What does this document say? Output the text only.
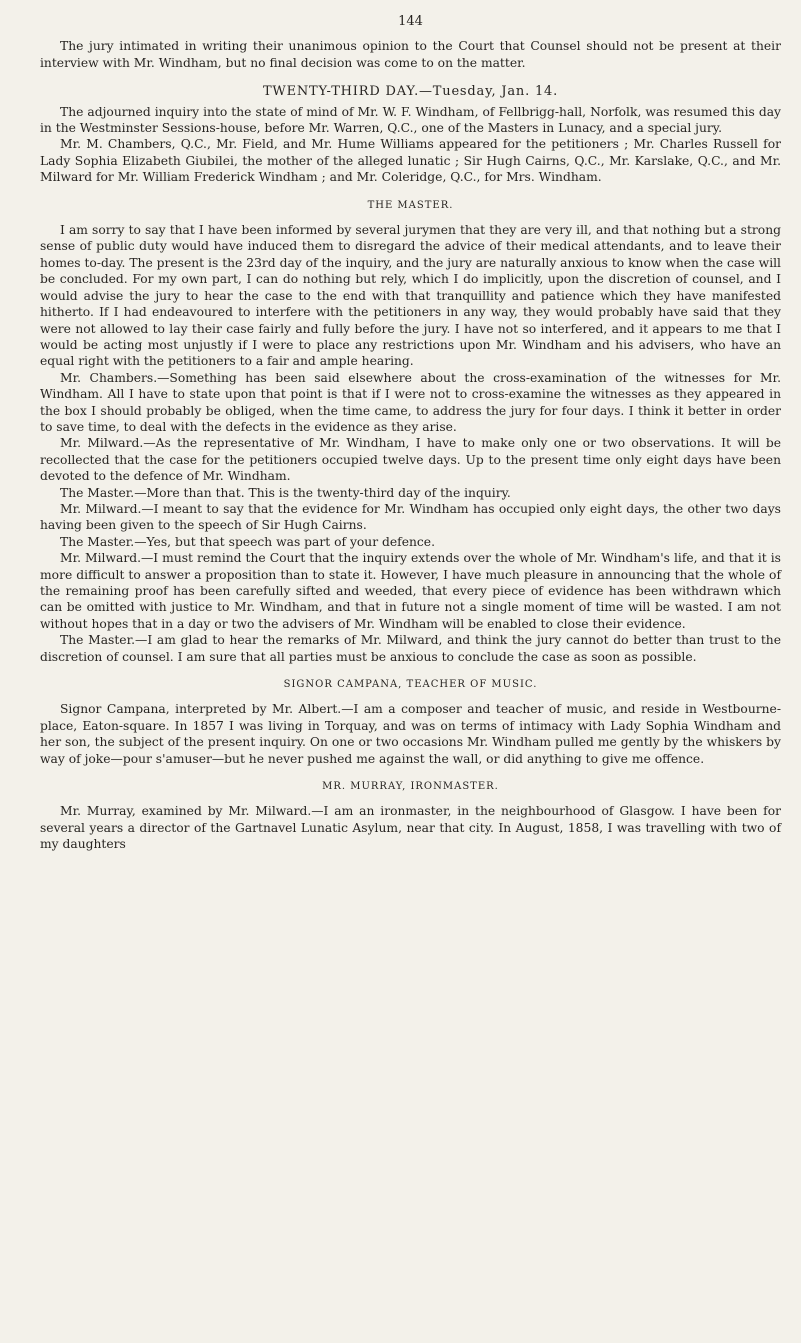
144

The jury intimated in writing their unanimous opinion to the Court that Counsel should not be present at their interview with Mr. Windham, but no final decision was come to on the matter.

TWENTY-THIRD DAY.—Tuesday, Jan. 14.

The adjourned inquiry into the state of mind of Mr. W. F. Windham, of Fellbrigg-hall, Norfolk, was resumed this day in the Westminster Sessions-house, before Mr. Warren, Q.C., one of the Masters in Lunacy, and a special jury.

Mr. M. Chambers, Q.C., Mr. Field, and Mr. Hume Williams appeared for the petitioners ; Mr. Charles Russell for Lady Sophia Elizabeth Giubilei, the mother of the alleged lunatic ; Sir Hugh Cairns, Q.C., Mr. Karslake, Q.C., and Mr. Milward for Mr. William Frederick Windham ; and Mr. Coleridge, Q.C., for Mrs. Windham.

THE MASTER.

I am sorry to say that I have been informed by several jurymen that they are very ill, and that nothing but a strong sense of public duty would have induced them to disregard the advice of their medical attendants, and to leave their homes to-day. The present is the 23rd day of the inquiry, and the jury are naturally anxious to know when the case will be concluded. For my own part, I can do nothing but rely, which I do implicitly, upon the discretion of counsel, and I would advise the jury to hear the case to the end with that tranquillity and patience which they have manifested hitherto. If I had endeavoured to interfere with the petitioners in any way, they would probably have said that they were not allowed to lay their case fairly and fully before the jury. I have not so interfered, and it appears to me that I would be acting most unjustly if I were to place any restrictions upon Mr. Windham and his advisers, who have an equal right with the petitioners to a fair and ample hearing.

Mr. Chambers.—Something has been said elsewhere about the cross-examination of the witnesses for Mr. Windham. All I have to state upon that point is that if I were not to cross-examine the witnesses as they appeared in the box I should probably be obliged, when the time came, to address the jury for four days. I think it better in order to save time, to deal with the defects in the evidence as they arise.

Mr. Milward.—As the representative of Mr. Windham, I have to make only one or two observations. It will be recollected that the case for the petitioners occupied twelve days. Up to the present time only eight days have been devoted to the defence of Mr. Windham.

The Master.—More than that. This is the twenty-third day of the inquiry.

Mr. Milward.—I meant to say that the evidence for Mr. Windham has occupied only eight days, the other two days having been given to the speech of Sir Hugh Cairns.

The Master.—Yes, but that speech was part of your defence.

Mr. Milward.—I must remind the Court that the inquiry extends over the whole of Mr. Windham's life, and that it is more difficult to answer a proposition than to state it. However, I have much pleasure in announcing that the whole of the remaining proof has been carefully sifted and weeded, that every piece of evidence has been withdrawn which can be omitted with justice to Mr. Windham, and that in future not a single moment of time will be wasted. I am not without hopes that in a day or two the advisers of Mr. Windham will be enabled to close their evidence.

The Master.—I am glad to hear the remarks of Mr. Milward, and think the jury cannot do better than trust to the discretion of counsel. I am sure that all parties must be anxious to conclude the case as soon as possible.

SIGNOR CAMPANA, TEACHER OF MUSIC.

Signor Campana, interpreted by Mr. Albert.—I am a composer and teacher of music, and reside in Westbourne-place, Eaton-square. In 1857 I was living in Torquay, and was on terms of intimacy with Lady Sophia Windham and her son, the subject of the present inquiry. On one or two occasions Mr. Windham pulled me gently by the whiskers by way of joke—pour s'amuser—but he never pushed me against the wall, or did anything to give me offence.

MR. MURRAY, IRONMASTER.

Mr. Murray, examined by Mr. Milward.—I am an ironmaster, in the neighbourhood of Glasgow. I have been for several years a director of the Gartnavel Lunatic Asylum, near that city. In August, 1858, I was travelling with two of my daughters
